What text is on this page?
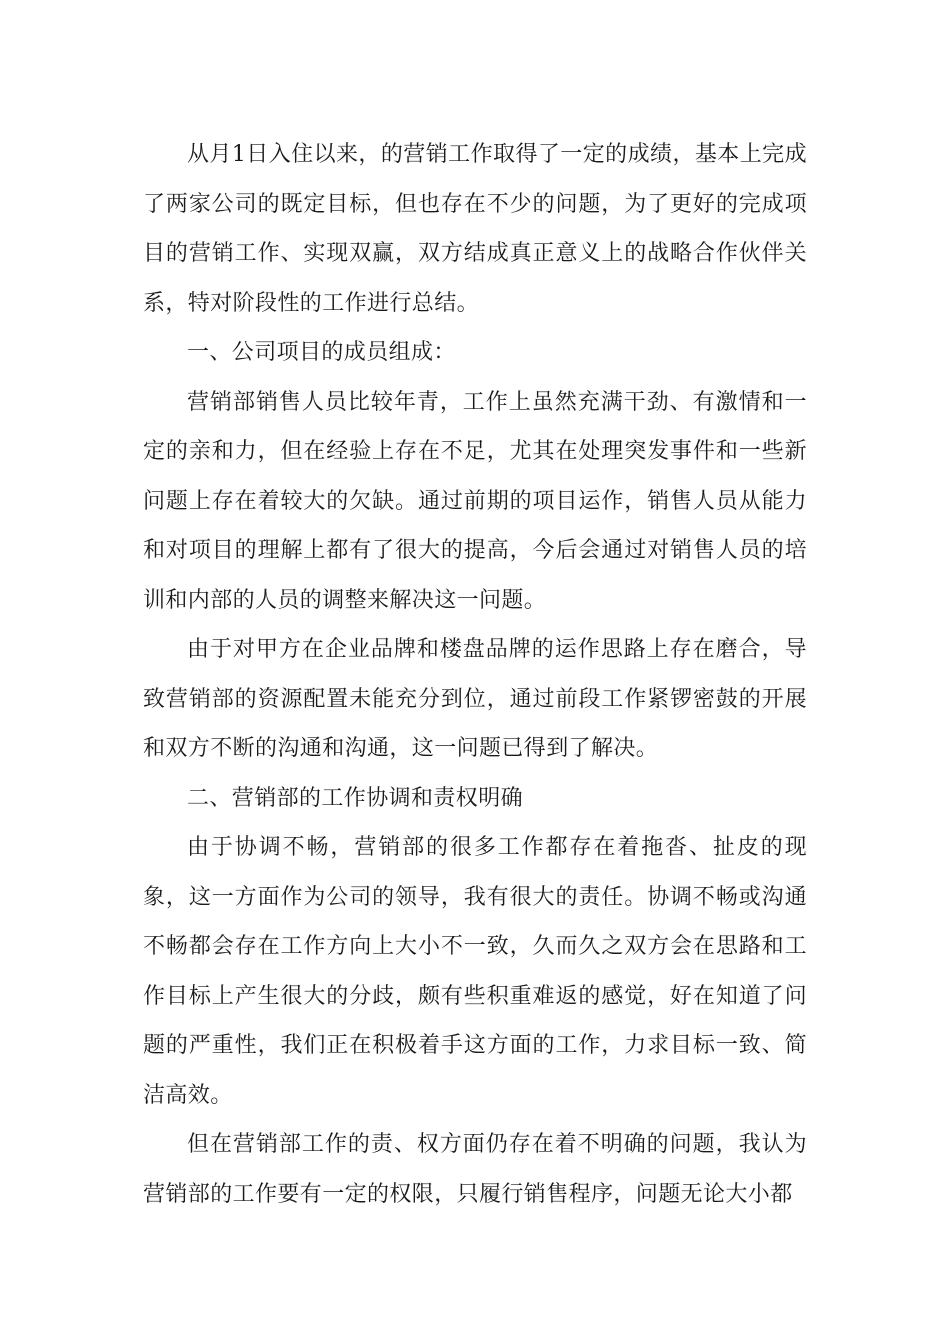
从月1日入住以来，的营销工作取得了一定的成绩，基本上完成了两家公司的既定目标，但也存在不少的问题，为了更好的完成项目的营销工作、实现双赢，双方结成真正意义上的战略合作伙伴关系，特对阶段性的工作进行总结。

一、公司项目的成员组成：

营销部销售人员比较年青，工作上虽然充满干劲、有激情和一定的亲和力，但在经验上存在不足，尤其在处理突发事件和一些新问题上存在着较大的欠缺。通过前期的项目运作，销售人员从能力和对项目的理解上都有了很大的提高，今后会通过对销售人员的培训和内部的人员的调整来解决这一问题。

由于对甲方在企业品牌和楼盘品牌的运作思路上存在磨合，导致营销部的资源配置未能充分到位，通过前段工作紧锣密鼓的开展和双方不断的沟通和沟通，这一问题已得到了解决。

二、营销部的工作协调和责权明确

由于协调不畅，营销部的很多工作都存在着拖沓、扯皮的现象，这一方面作为公司的领导，我有很大的责任。协调不畅或沟通不畅都会存在工作方向上大小不一致，久而久之双方会在思路和工作目标上产生很大的分歧，颇有些积重难返的感觉，好在知道了问题的严重性，我们正在积极着手这方面的工作，力求目标一致、简洁高效。

但在营销部工作的责、权方面仍存在着不明确的问题，我认为营销部的工作要有一定的权限，只履行销售程序，问题无论大小都
